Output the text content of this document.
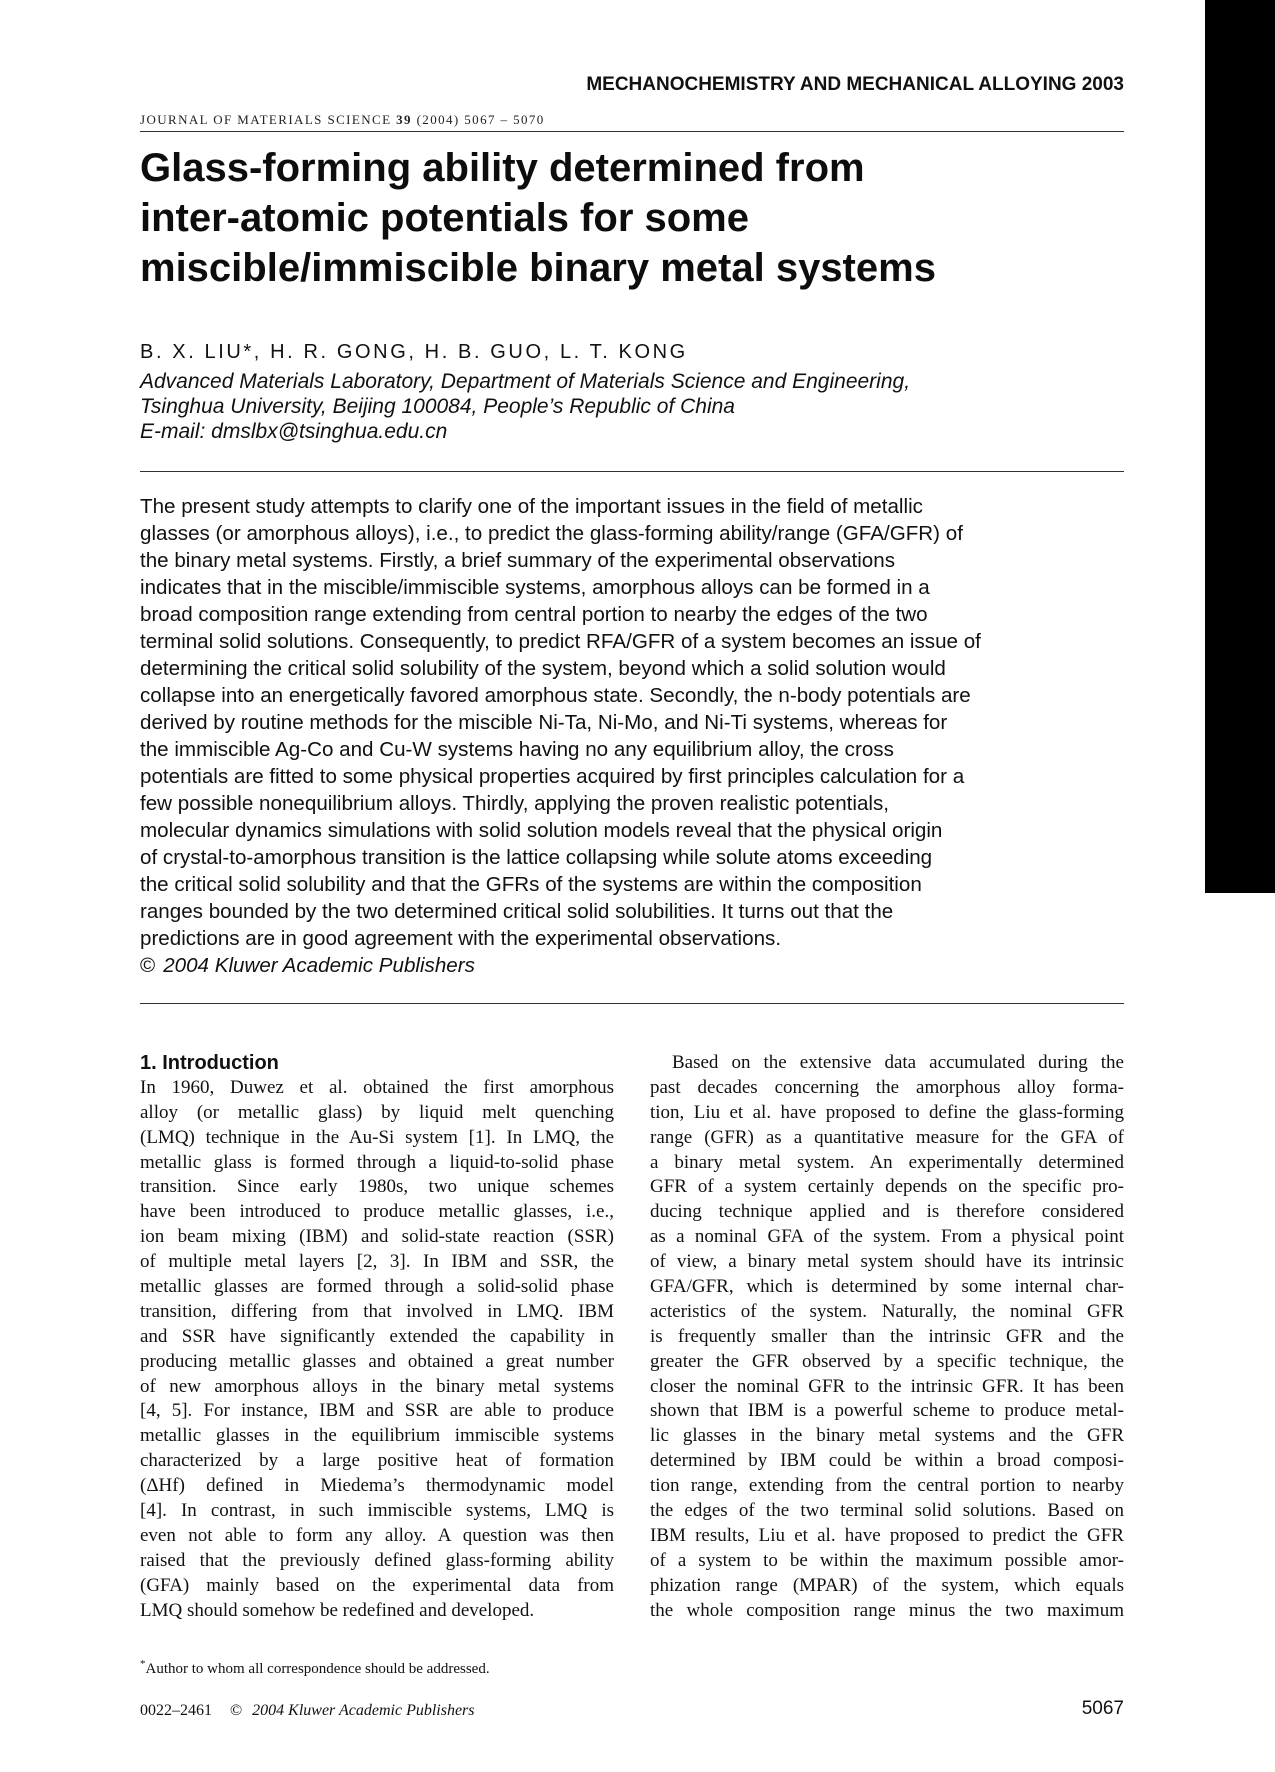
MECHANOCHEMISTRY AND MECHANICAL ALLOYING 2003
JOURNAL OF MATERIALS SCIENCE 39 (2004) 5067 – 5070
Glass-forming ability determined from
inter-atomic potentials for some
miscible/immiscible binary metal systems
B. X. LIU*, H. R. GONG, H. B. GUO, L. T. KONG
Advanced Materials Laboratory, Department of Materials Science and Engineering,
Tsinghua University, Beijing 100084, People’s Republic of China
E-mail: dmslbx@tsinghua.edu.cn
The present study attempts to clarify one of the important issues in the field of metallic
glasses (or amorphous alloys), i.e., to predict the glass-forming ability/range (GFA/GFR) of
the binary metal systems. Firstly, a brief summary of the experimental observations
indicates that in the miscible/immiscible systems, amorphous alloys can be formed in a
broad composition range extending from central portion to nearby the edges of the two
terminal solid solutions. Consequently, to predict RFA/GFR of a system becomes an issue of
determining the critical solid solubility of the system, beyond which a solid solution would
collapse into an energetically favored amorphous state. Secondly, the n-body potentials are
derived by routine methods for the miscible Ni-Ta, Ni-Mo, and Ni-Ti systems, whereas for
the immiscible Ag-Co and Cu-W systems having no any equilibrium alloy, the cross
potentials are fitted to some physical properties acquired by first principles calculation for a
few possible nonequilibrium alloys. Thirdly, applying the proven realistic potentials,
molecular dynamics simulations with solid solution models reveal that the physical origin
of crystal-to-amorphous transition is the lattice collapsing while solute atoms exceeding
the critical solid solubility and that the GFRs of the systems are within the composition
ranges bounded by the two determined critical solid solubilities. It turns out that the
predictions are in good agreement with the experimental observations.
© 2004 Kluwer Academic Publishers
1. Introduction
In 1960, Duwez et al. obtained the first amorphous
alloy (or metallic glass) by liquid melt quenching
(LMQ) technique in the Au-Si system [1]. In LMQ, the
metallic glass is formed through a liquid-to-solid phase
transition. Since early 1980s, two unique schemes
have been introduced to produce metallic glasses, i.e.,
ion beam mixing (IBM) and solid-state reaction (SSR)
of multiple metal layers [2, 3]. In IBM and SSR, the
metallic glasses are formed through a solid-solid phase
transition, differing from that involved in LMQ. IBM
and SSR have significantly extended the capability in
producing metallic glasses and obtained a great number
of new amorphous alloys in the binary metal systems
[4, 5]. For instance, IBM and SSR are able to produce
metallic glasses in the equilibrium immiscible systems
characterized by a large positive heat of formation
(ΔHf) defined in Miedema’s thermodynamic model
[4]. In contrast, in such immiscible systems, LMQ is
even not able to form any alloy. A question was then
raised that the previously defined glass-forming ability
(GFA) mainly based on the experimental data from
LMQ should somehow be redefined and developed.
Based on the extensive data accumulated during the
past decades concerning the amorphous alloy forma-
tion, Liu et al. have proposed to define the glass-forming
range (GFR) as a quantitative measure for the GFA of
a binary metal system. An experimentally determined
GFR of a system certainly depends on the specific pro-
ducing technique applied and is therefore considered
as a nominal GFA of the system. From a physical point
of view, a binary metal system should have its intrinsic
GFA/GFR, which is determined by some internal char-
acteristics of the system. Naturally, the nominal GFR
is frequently smaller than the intrinsic GFR and the
greater the GFR observed by a specific technique, the
closer the nominal GFR to the intrinsic GFR. It has been
shown that IBM is a powerful scheme to produce metal-
lic glasses in the binary metal systems and the GFR
determined by IBM could be within a broad composi-
tion range, extending from the central portion to nearby
the edges of the two terminal solid solutions. Based on
IBM results, Liu et al. have proposed to predict the GFR
of a system to be within the maximum possible amor-
phization range (MPAR) of the system, which equals
the whole composition range minus the two maximum
*Author to whom all correspondence should be addressed.
0022–2461 © 2004 Kluwer Academic Publishers	5067
